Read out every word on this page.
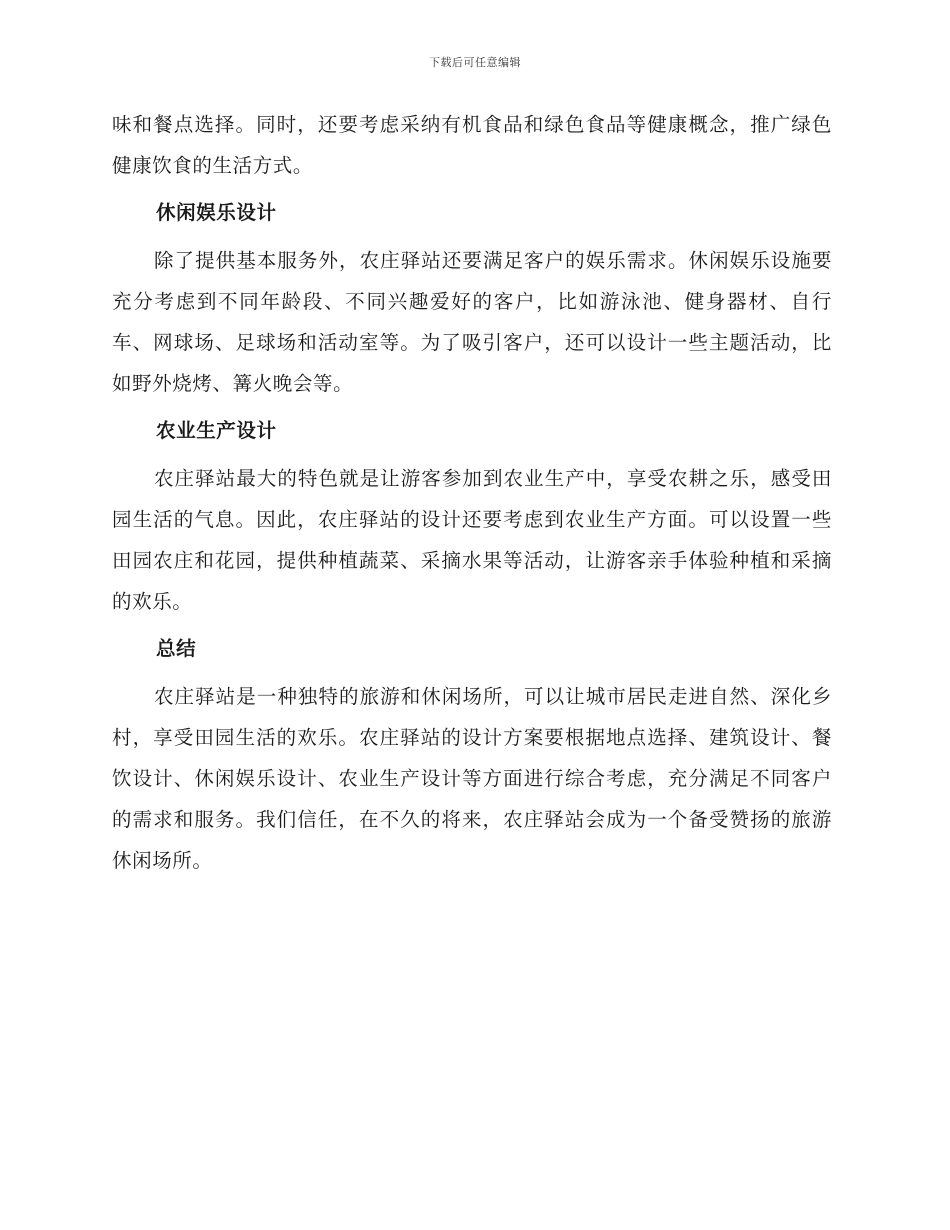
下载后可任意编辑

味和餐点选择。同时，还要考虑采纳有机食品和绿色食品等健康概念，推广绿色健康饮食的生活方式。

休闲娱乐设计

除了提供基本服务外，农庄驿站还要满足客户的娱乐需求。休闲娱乐设施要充分考虑到不同年龄段、不同兴趣爱好的客户，比如游泳池、健身器材、自行车、网球场、足球场和活动室等。为了吸引客户，还可以设计一些主题活动，比如野外烧烤、篝火晚会等。

农业生产设计

农庄驿站最大的特色就是让游客参加到农业生产中，享受农耕之乐，感受田园生活的气息。因此，农庄驿站的设计还要考虑到农业生产方面。可以设置一些田园农庄和花园，提供种植蔬菜、采摘水果等活动，让游客亲手体验种植和采摘的欢乐。

总结

农庄驿站是一种独特的旅游和休闲场所，可以让城市居民走进自然、深化乡村，享受田园生活的欢乐。农庄驿站的设计方案要根据地点选择、建筑设计、餐饮设计、休闲娱乐设计、农业生产设计等方面进行综合考虑，充分满足不同客户的需求和服务。我们信任，在不久的将来，农庄驿站会成为一个备受赞扬的旅游休闲场所。
